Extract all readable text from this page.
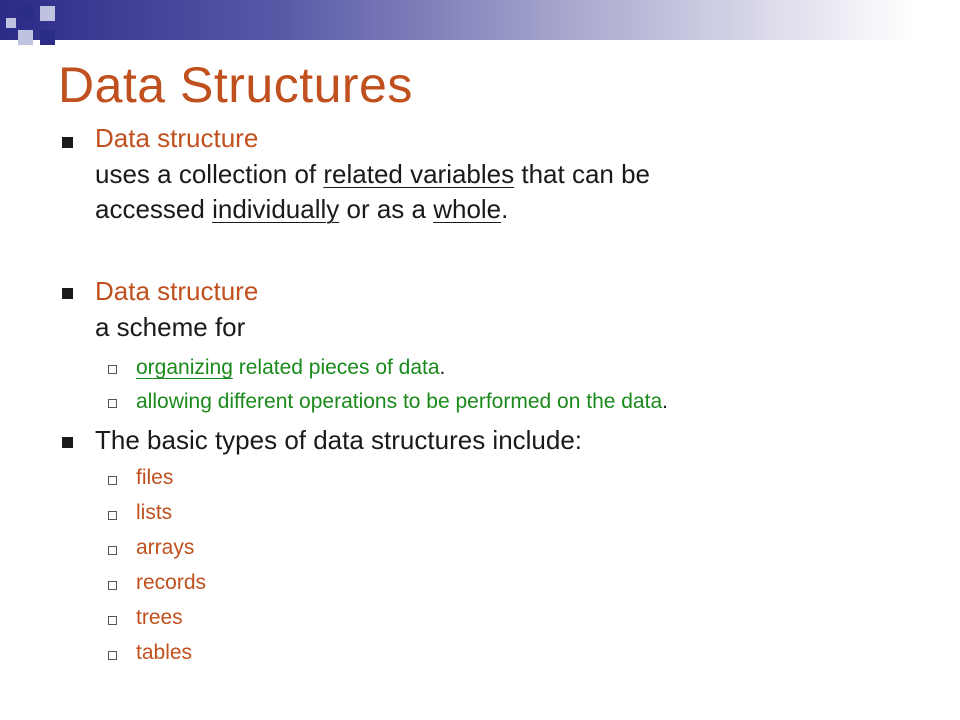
Data Structures
Data structure
uses a collection of related variables that can be
accessed individually or as a whole.
Data structure
a scheme for
organizing related pieces of data.
allowing different operations to be performed on the data.
The basic types of data structures include:
files
lists
arrays
records
trees
tables
